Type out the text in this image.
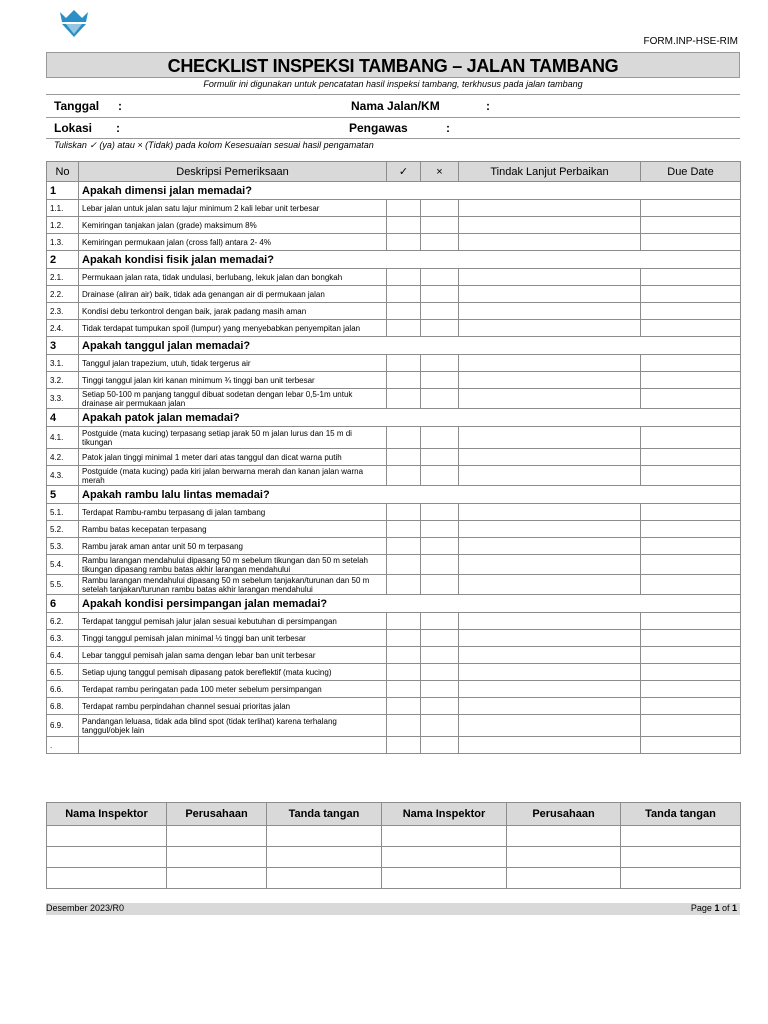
FORM.INP-HSE-RIM
CHECKLIST INSPEKSI TAMBANG – JALAN TAMBANG
Formulir ini digunakan untuk pencatatan hasil inspeksi tambang, terkhusus pada jalan tambang
Tanggal :	Nama Jalan/KM	:
Lokasi :	Pengawas	:
Tuliskan ✓ (ya) atau × (Tidak) pada kolom Kesesuaian sesuai hasil pengamatan
No	Deskripsi Pemeriksaan	✓	×	Tindak Lanjut Perbaikan	Due Date
1	Apakah dimensi jalan memadai?				
1.1.	Lebar jalan untuk jalan satu lajur minimum 2 kali lebar unit terbesar				
1.2.	Kemiringan tanjakan jalan (grade) maksimum 8%				
1.3.	Kemiringan permukaan jalan (cross fall) antara 2- 4%				
2	Apakah kondisi fisik jalan memadai?				
2.1.	Permukaan jalan rata, tidak undulasi, berlubang, lekuk jalan dan bongkah				
2.2.	Drainase (aliran air) baik, tidak ada genangan air di permukaan jalan				
2.3.	Kondisi debu terkontrol dengan baik, jarak padang masih aman				
2.4.	Tidak terdapat tumpukan spoil (lumpur) yang menyebabkan penyempitan jalan				
3	Apakah tanggul jalan memadai?				
3.1.	Tanggul jalan trapezium, utuh, tidak tergerus air				
3.2.	Tinggi tanggul jalan kiri kanan minimum ¾ tinggi ban unit terbesar				
3.3.	Setiap 50-100 m panjang tanggul dibuat sodetan dengan lebar 0,5-1m untuk drainase air permukaan jalan				
4	Apakah patok jalan memadai?				
4.1.	Postguide (mata kucing) terpasang setiap jarak 50 m jalan lurus dan 15 m di tikungan				
4.2.	Patok jalan tinggi minimal 1 meter dari atas tanggul dan dicat warna putih				
4.3.	Postguide (mata kucing) pada kiri jalan berwarna merah dan kanan jalan warna merah				
5	Apakah rambu lalu lintas memadai?				
5.1.	Terdapat Rambu-rambu terpasang di jalan tambang				
5.2.	Rambu batas kecepatan terpasang				
5.3.	Rambu jarak aman antar unit 50 m terpasang				
5.4.	Rambu larangan mendahului dipasang 50 m sebelum tikungan dan 50 m setelah tikungan dipasang rambu batas akhir larangan mendahului				
5.5.	Rambu larangan mendahului dipasang 50 m sebelum tanjakan/turunan dan 50 m setelah tanjakan/turunan rambu batas akhir larangan mendahului				
6	Apakah kondisi persimpangan jalan memadai?				
6.2.	Terdapat tanggul pemisah jalur jalan sesuai kebutuhan di persimpangan				
6.3.	Tinggi tanggul pemisah jalan minimal ½ tinggi ban unit terbesar				
6.4.	Lebar tanggul pemisah jalan sama dengan lebar ban unit terbesar				
6.5.	Setiap ujung tanggul pemisah dipasang patok bereflektif (mata kucing)				
6.6.	Terdapat rambu peringatan pada 100 meter sebelum persimpangan				
6.8.	Terdapat rambu perpindahan channel sesuai prioritas jalan				
6.9.	Pandangan leluasa, tidak ada blind spot (tidak terlihat) karena terhalang tanggul/objek lain				
.					
Nama Inspektor	Perusahaan	Tanda tangan	Nama Inspektor	Perusahaan	Tanda tangan

Desember 2023/R0	Page 1 of 1
